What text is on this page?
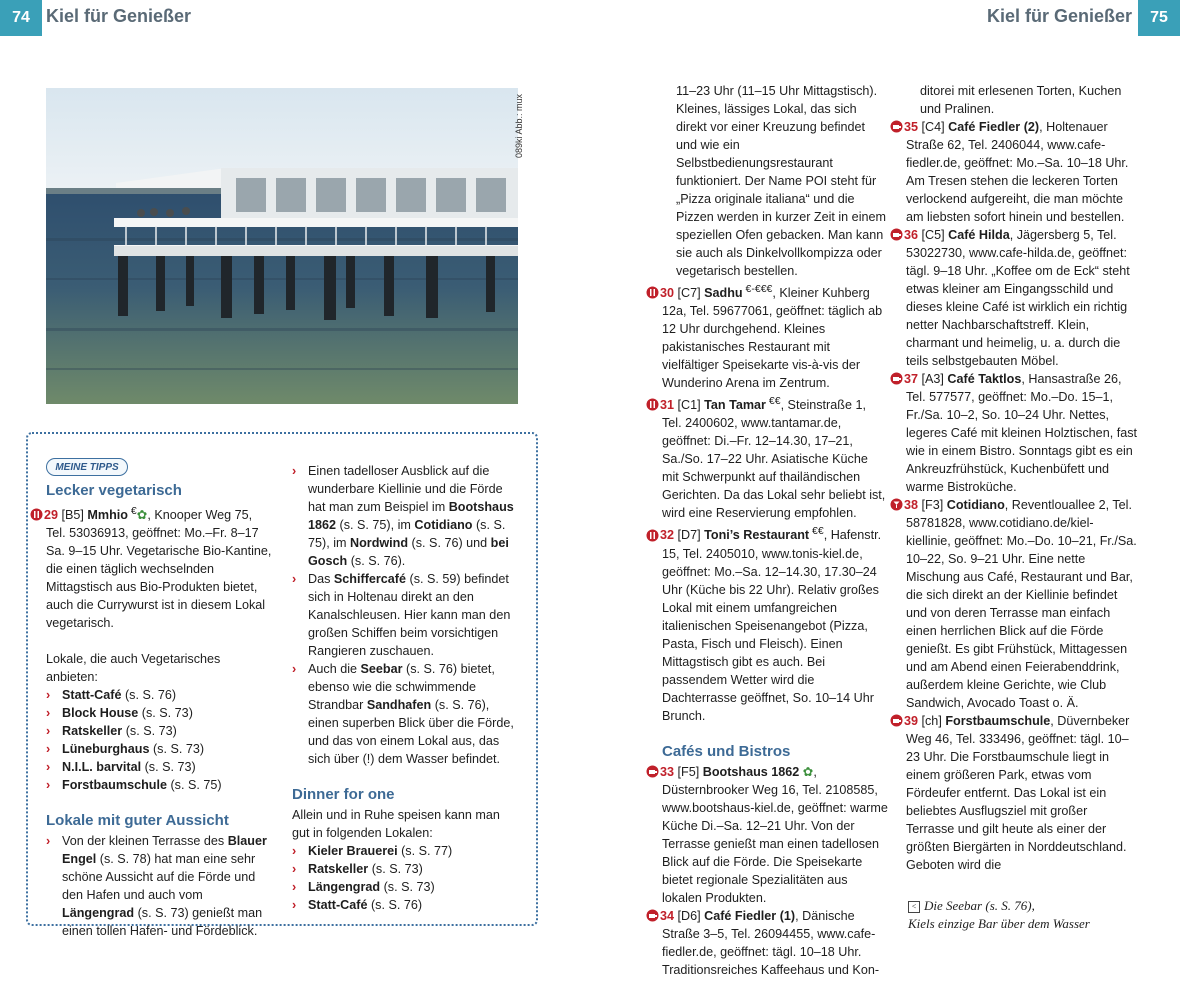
74 Kiel für Genießer	Kiel für Genießer	75
089ki Abb.: mux
MEINE TIPPS
Lecker vegetarisch

29 [B5] Mmhio €✿, Knooper Weg 75, Tel. 53036913, geöffnet: Mo.–Fr. 8–17 Sa. 9–15 Uhr. Vegetarische Bio-Kantine, die einen täglich wechselnden Mittagstisch aus Bio-Produkten bietet, auch die Currywurst ist in diesem Lokal vegetarisch.

Lokale, die auch Vegetarisches anbieten:

› Statt-Café (s. S. 76)
› Block House (s. S. 73)
› Ratskeller (s. S. 73)
› Lüneburghaus (s. S. 73)
› N.I.L. barvital (s. S. 73)
› Forstbaumschule (s. S. 75)
Lokale mit guter Aussicht
› Von der kleinen Terrasse des Blauer Engel (s. S. 78) hat man eine sehr schöne Aussicht auf die Förde und den Hafen und auch vom Längengrad (s. S. 73) genießt man einen tollen Hafen- und Fördeblick.
› Einen tadelloser Ausblick auf die wunderbare Kiellinie und die Förde hat man zum Beispiel im Bootshaus 1862 (s. S. 75), im Cotidiano (s. S. 75), im Nordwind (s. S. 76) und bei Gosch (s. S. 76).
› Das Schiffercafé (s. S. 59) befindet sich in Holtenau direkt an den Kanalschleusen. Hier kann man den großen Schiffen beim vorsichtigen Rangieren zuschauen.
› Auch die Seebar (s. S. 76) bietet, ebenso wie die schwimmende Strandbar Sandhafen (s. S. 76), einen superben Blick über die Förde, und das von einem Lokal aus, das sich über (!) dem Wasser befindet.
Dinner for one

Allein und in Ruhe speisen kann man gut in folgenden Lokalen:

› Kieler Brauerei (s. S. 77)
› Ratskeller (s. S. 73)
› Längengrad (s. S. 73)
› Statt-Café (s. S. 76)

11–23 Uhr (11–15 Uhr Mittagstisch). Kleines, lässiges Lokal, das sich direkt vor einer Kreuzung befindet und wie ein Selbstbedienungsrestaurant funktioniert. Der Name POI steht für „Pizza originale italiana“ und die Pizzen werden in kurzer Zeit in einem speziellen Ofen gebacken. Man kann sie auch als Dinkelvollkompizza oder vegetarisch bestellen.

30 [C7] Sadhu €-€€€, Kleiner Kuhberg 12a, Tel. 59677061, geöffnet: täglich ab 12 Uhr durchgehend. Kleines pakistanisches Restaurant mit vielfältiger Speisekarte vis-à-vis der Wunderino Arena im Zentrum.

31 [C1] Tan Tamar €€, Steinstraße 1, Tel. 2400602, www.tantamar.de, geöffnet: Di.–Fr. 12–14.30, 17–21, Sa./So. 17–22 Uhr. Asiatische Küche mit Schwerpunkt auf thailändischen Gerichten. Da das Lokal sehr beliebt ist, wird eine Reservierung empfohlen.

32 [D7] Toni’s Restaurant €€, Hafenstr. 15, Tel. 2405010, www.tonis-kiel.de, geöffnet: Mo.–Sa. 12–14.30, 17.30–24 Uhr (Küche bis 22 Uhr). Relativ großes Lokal mit einem umfangreichen italienischen Speisenangebot (Pizza, Pasta, Fisch und Fleisch). Einen Mittagstisch gibt es auch. Bei passendem Wetter wird die Dachterrasse geöffnet, So. 10–14 Uhr Brunch.

Cafés und Bistros

33 [F5] Bootshaus 1862 ✿, Düsternbrooker Weg 16, Tel. 2108585, www.bootshaus-kiel.de, geöffnet: warme Küche Di.–Sa. 12–21 Uhr. Von der Terrasse genießt man einen tadellosen Blick auf die Förde. Die Speisekarte bietet regionale Spezialitäten aus lokalen Produkten.

34 [D6] Café Fiedler (1), Dänische Straße 3–5, Tel. 26094455, www.cafe-fiedler.de, geöffnet: tägl. 10–18 Uhr. Traditionsreiches Kaffeehaus und Kon-

ditorei mit erlesenen Torten, Kuchen und Pralinen.

35 [C4] Café Fiedler (2), Holtenauer Straße 62, Tel. 2406044, www.cafe-fiedler.de, geöffnet: Mo.–Sa. 10–18 Uhr. Am Tresen stehen die leckeren Torten verlockend aufgereiht, die man möchte am liebsten sofort hinein und bestellen.

36 [C5] Café Hilda, Jägersberg 5, Tel. 53022730, www.cafe-hilda.de, geöffnet: tägl. 9–18 Uhr. „Koffee om de Eck“ steht etwas kleiner am Eingangsschild und dieses kleine Café ist wirklich ein richtig netter Nachbarschaftstreff. Klein, charmant und heimelig, u. a. durch die teils selbstgebauten Möbel.

37 [A3] Café Taktlos, Hansastraße 26, Tel. 577577, geöffnet: Mo.–Do. 15–1, Fr./Sa. 10–2, So. 10–24 Uhr. Nettes, legeres Café mit kleinen Holztischen, fast wie in einem Bistro. Sonntags gibt es ein Ankreuzfrühstück, Kuchenbüfett und warme Bistroküche.

38 [F3] Cotidiano, Reventlouallee 2, Tel. 58781828, www.cotidiano.de/kiel-kiellinie, geöffnet: Mo.–Do. 10–21, Fr./Sa. 10–22, So. 9–21 Uhr. Eine nette Mischung aus Café, Restaurant und Bar, die sich direkt an der Kiellinie befindet und von deren Terrasse man einfach einen herrlichen Blick auf die Förde genießt. Es gibt Frühstück, Mittagessen und am Abend einen Feierabenddrink, außerdem kleine Gerichte, wie Club Sandwich, Avocado Toast o. Ä.

39 [ch] Forstbaumschule, Düvernbeker Weg 46, Tel. 333496, geöffnet: tägl. 10–23 Uhr. Die Forstbaumschule liegt in einem größeren Park, etwas vom Fördeufer entfernt. Das Lokal ist ein beliebtes Ausflugsziel mit großer Terrasse und gilt heute als einer der größten Biergärten in Norddeutschland. Geboten wird die

< Die Seebar (s. S. 76),
Kiels einzige Bar über dem Wasser
